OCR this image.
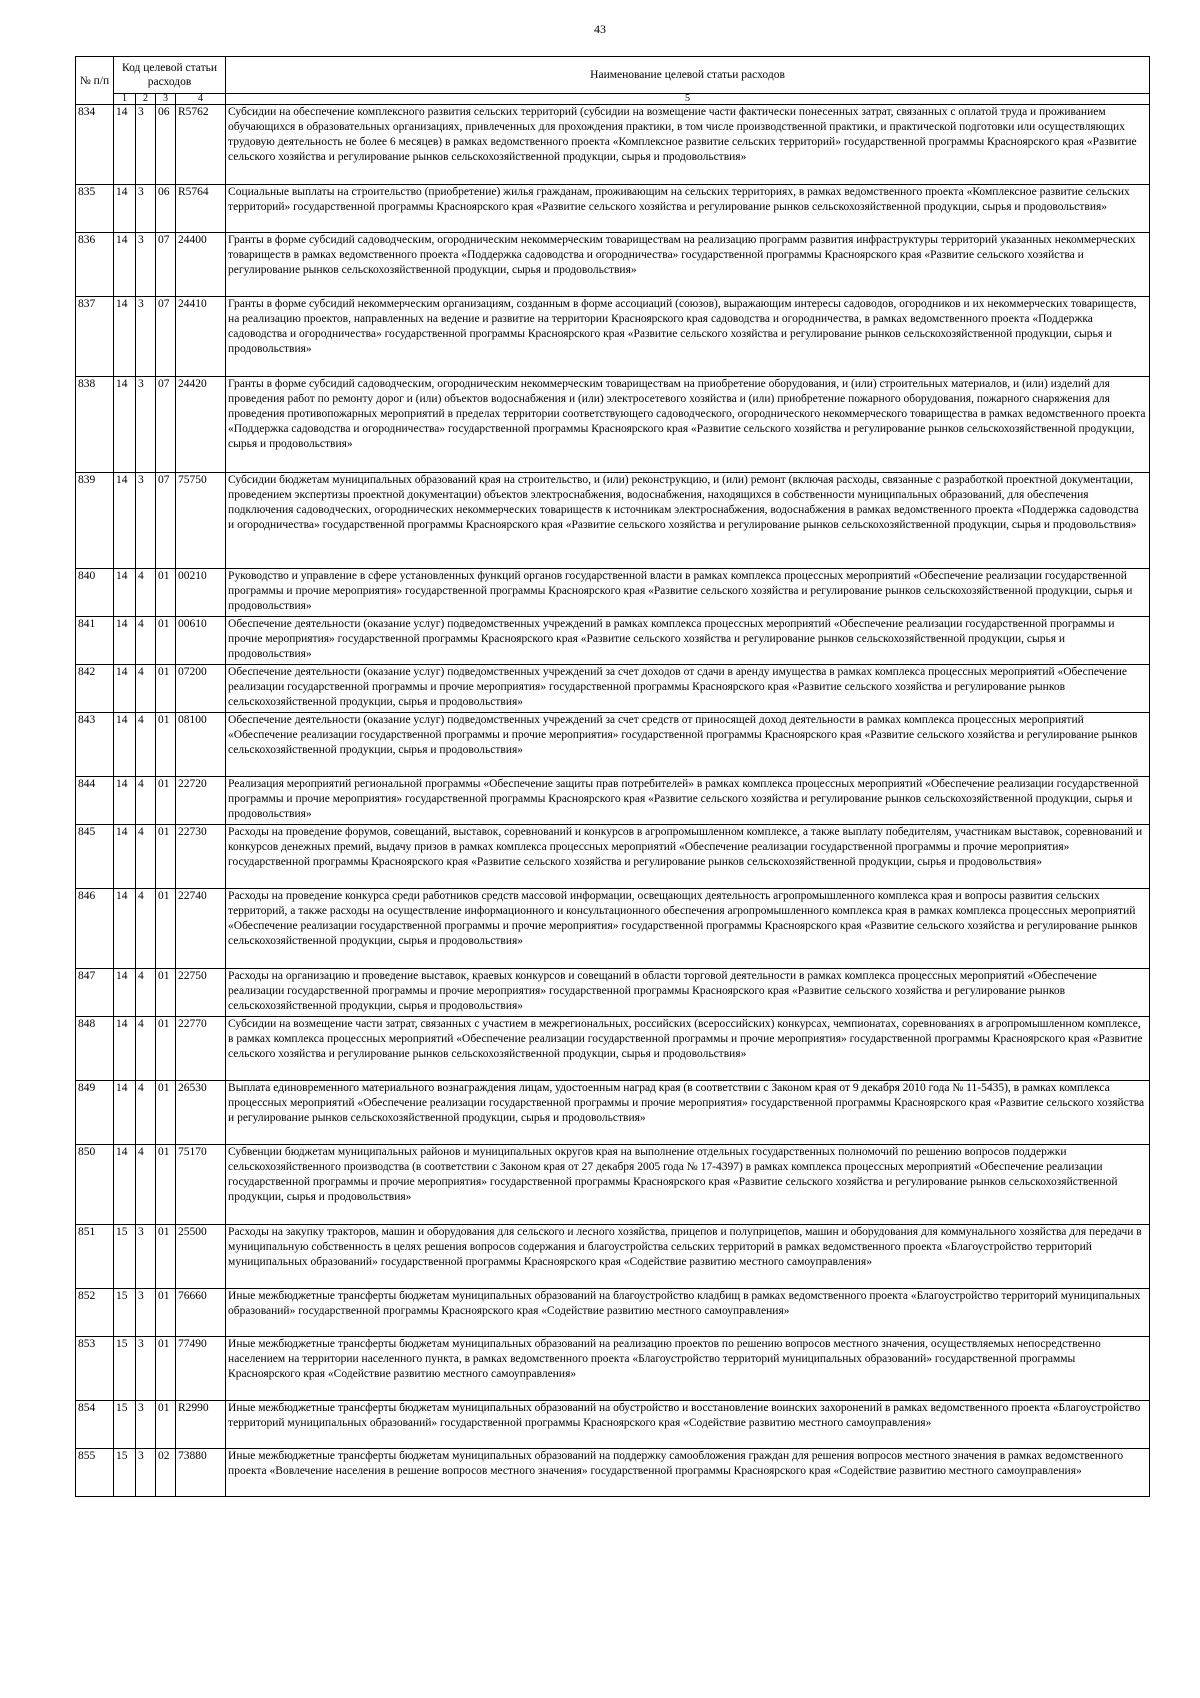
43
№ п/п	Код целевой статьи расходов				Наименование целевой статьи расходов
	1	2	3	4	5
834	14	3	06	R5762	Субсидии на обеспечение комплексного развития сельских территорий (субсидии на возмещение части фактически понесенных затрат, связанных с оплатой труда и проживанием обучающихся в образовательных организациях, привлеченных для прохождения практики, в том числе производственной практики, и практической подготовки или осуществляющих трудовую деятельность не более 6 месяцев) в рамках ведомственного проекта «Комплексное развитие сельских территорий» государственной программы Красноярского края «Развитие сельского хозяйства и регулирование рынков сельскохозяйственной продукции, сырья и продовольствия»
835	14	3	06	R5764	Социальные выплаты на строительство (приобретение) жилья гражданам, проживающим на сельских территориях, в рамках ведомственного проекта «Комплексное развитие сельских территорий» государственной программы Красноярского края «Развитие сельского хозяйства и регулирование рынков сельскохозяйственной продукции, сырья и продовольствия»
836	14	3	07	24400	Гранты в форме субсидий садоводческим, огородническим некоммерческим товариществам на реализацию программ развития инфраструктуры территорий указанных некоммерческих товариществ в рамках ведомственного проекта «Поддержка садоводства и огородничества» государственной программы Красноярского края «Развитие сельского хозяйства и регулирование рынков сельскохозяйственной продукции, сырья и продовольствия»
837	14	3	07	24410	Гранты в форме субсидий некоммерческим организациям, созданным в форме ассоциаций (союзов), выражающим интересы садоводов, огородников и их некоммерческих товариществ, на реализацию проектов, направленных на ведение и развитие на территории Красноярского края садоводства и огородничества, в рамках ведомственного проекта «Поддержка садоводства и огородничества» государственной программы Красноярского края «Развитие сельского хозяйства и регулирование рынков сельскохозяйственной продукции, сырья и продовольствия»
838	14	3	07	24420	Гранты в форме субсидий садоводческим, огородническим некоммерческим товариществам на приобретение оборудования, и (или) строительных материалов, и (или) изделий для проведения работ по ремонту дорог и (или) объектов водоснабжения и (или) электросетевого хозяйства и (или) приобретение пожарного оборудования, пожарного снаряжения для проведения противопожарных мероприятий в пределах территории соответствующего садоводческого, огороднического некоммерческого товарищества в рамках ведомственного проекта «Поддержка садоводства и огородничества» государственной программы Красноярского края «Развитие сельского хозяйства и регулирование рынков сельскохозяйственной продукции, сырья и продовольствия»
839	14	3	07	75750	Субсидии бюджетам муниципальных образований края на строительство, и (или) реконструкцию, и (или) ремонт (включая расходы, связанные с разработкой проектной документации, проведением экспертизы проектной документации) объектов электроснабжения, водоснабжения, находящихся в собственности муниципальных образований, для обеспечения подключения садоводческих, огороднических некоммерческих товариществ к источникам электроснабжения, водоснабжения в рамках ведомственного проекта «Поддержка садоводства и огородничества» государственной программы Красноярского края «Развитие сельского хозяйства и регулирование рынков сельскохозяйственной продукции, сырья и продовольствия»
840	14	4	01	00210	Руководство и управление в сфере установленных функций органов государственной власти в рамках комплекса процессных мероприятий «Обеспечение реализации государственной программы и прочие мероприятия» государственной программы Красноярского края «Развитие сельского хозяйства и регулирование рынков сельскохозяйственной продукции, сырья и продовольствия»
841	14	4	01	00610	Обеспечение деятельности (оказание услуг) подведомственных учреждений в рамках комплекса процессных мероприятий «Обеспечение реализации государственной программы и прочие мероприятия» государственной программы Красноярского края «Развитие сельского хозяйства и регулирование рынков сельскохозяйственной продукции, сырья и продовольствия»
842	14	4	01	07200	Обеспечение деятельности (оказание услуг) подведомственных учреждений за счет доходов от сдачи в аренду имущества в рамках комплекса процессных мероприятий «Обеспечение реализации государственной программы и прочие мероприятия» государственной программы Красноярского края «Развитие сельского хозяйства и регулирование рынков сельскохозяйственной продукции, сырья и продовольствия»
843	14	4	01	08100	Обеспечение деятельности (оказание услуг) подведомственных учреждений за счет средств от приносящей доход деятельности в рамках комплекса процессных мероприятий «Обеспечение реализации государственной программы и прочие мероприятия» государственной программы Красноярского края «Развитие сельского хозяйства и регулирование рынков сельскохозяйственной продукции, сырья и продовольствия»
844	14	4	01	22720	Реализация мероприятий региональной программы «Обеспечение защиты прав потребителей» в рамках комплекса процессных мероприятий «Обеспечение реализации государственной программы и прочие мероприятия» государственной программы Красноярского края «Развитие сельского хозяйства и регулирование рынков сельскохозяйственной продукции, сырья и продовольствия»
845	14	4	01	22730	Расходы на проведение форумов, совещаний, выставок, соревнований и конкурсов в агропромышленном комплексе, а также выплату победителям, участникам выставок, соревнований и конкурсов денежных премий, выдачу призов в рамках комплекса процессных мероприятий «Обеспечение реализации государственной программы и прочие мероприятия» государственной программы Красноярского края «Развитие сельского хозяйства и регулирование рынков сельскохозяйственной продукции, сырья и продовольствия»
846	14	4	01	22740	Расходы на проведение конкурса среди работников средств массовой информации, освещающих деятельность агропромышленного комплекса края и вопросы развития сельских территорий, а также расходы на осуществление информационного и консультационного обеспечения агропромышленного комплекса края в рамках комплекса процессных мероприятий «Обеспечение реализации государственной программы и прочие мероприятия» государственной программы Красноярского края «Развитие сельского хозяйства и регулирование рынков сельскохозяйственной продукции, сырья и продовольствия»
847	14	4	01	22750	Расходы на организацию и проведение выставок, краевых конкурсов и совещаний в области торговой деятельности в рамках комплекса процессных мероприятий «Обеспечение реализации государственной программы и прочие мероприятия» государственной программы Красноярского края «Развитие сельского хозяйства и регулирование рынков сельскохозяйственной продукции, сырья и продовольствия»
848	14	4	01	22770	Субсидии на возмещение части затрат, связанных с участием в межрегиональных, российских (всероссийских) конкурсах, чемпионатах, соревнованиях в агропромышленном комплексе, в рамках комплекса процессных мероприятий «Обеспечение реализации государственной программы и прочие мероприятия» государственной программы Красноярского края «Развитие сельского хозяйства и регулирование рынков сельскохозяйственной продукции, сырья и продовольствия»
849	14	4	01	26530	Выплата единовременного материального вознаграждения лицам, удостоенным наград края (в соответствии с Законом края от 9 декабря 2010 года № 11-5435), в рамках комплекса процессных мероприятий «Обеспечение реализации государственной программы и прочие мероприятия» государственной программы Красноярского края «Развитие сельского хозяйства и регулирование рынков сельскохозяйственной продукции, сырья и продовольствия»
850	14	4	01	75170	Субвенции бюджетам муниципальных районов и муниципальных округов края на выполнение отдельных государственных полномочий по решению вопросов поддержки сельскохозяйственного производства (в соответствии с Законом края от 27 декабря 2005 года № 17-4397) в рамках комплекса процессных мероприятий «Обеспечение реализации государственной программы и прочие мероприятия» государственной программы Красноярского края «Развитие сельского хозяйства и регулирование рынков сельскохозяйственной продукции, сырья и продовольствия»
851	15	3	01	25500	Расходы на закупку тракторов, машин и оборудования для сельского и лесного хозяйства, прицепов и полуприцепов, машин и оборудования для коммунального хозяйства для передачи в муниципальную собственность в целях решения вопросов содержания и благоустройства сельских территорий в рамках ведомственного проекта «Благоустройство территорий муниципальных образований» государственной программы Красноярского края «Содействие развитию местного самоуправления»
852	15	3	01	76660	Иные межбюджетные трансферты бюджетам муниципальных образований на благоустройство кладбищ в рамках ведомственного проекта «Благоустройство территорий муниципальных образований» государственной программы Красноярского края «Содействие развитию местного самоуправления»
853	15	3	01	77490	Иные межбюджетные трансферты бюджетам муниципальных образований на реализацию проектов по решению вопросов местного значения, осуществляемых непосредственно населением на территории населенного пункта, в рамках ведомственного проекта «Благоустройство территорий муниципальных образований» государственной программы Красноярского края «Содействие развитию местного самоуправления»
854	15	3	01	R2990	Иные межбюджетные трансферты бюджетам муниципальных образований на обустройство и восстановление воинских захоронений в рамках ведомственного проекта «Благоустройство территорий муниципальных образований» государственной программы Красноярского края «Содействие развитию местного самоуправления»
855	15	3	02	73880	Иные межбюджетные трансферты бюджетам муниципальных образований на поддержку самообложения граждан для решения вопросов местного значения в рамках ведомственного проекта «Вовлечение населения в решение вопросов местного значения» государственной программы Красноярского края «Содействие развитию местного самоуправления»
